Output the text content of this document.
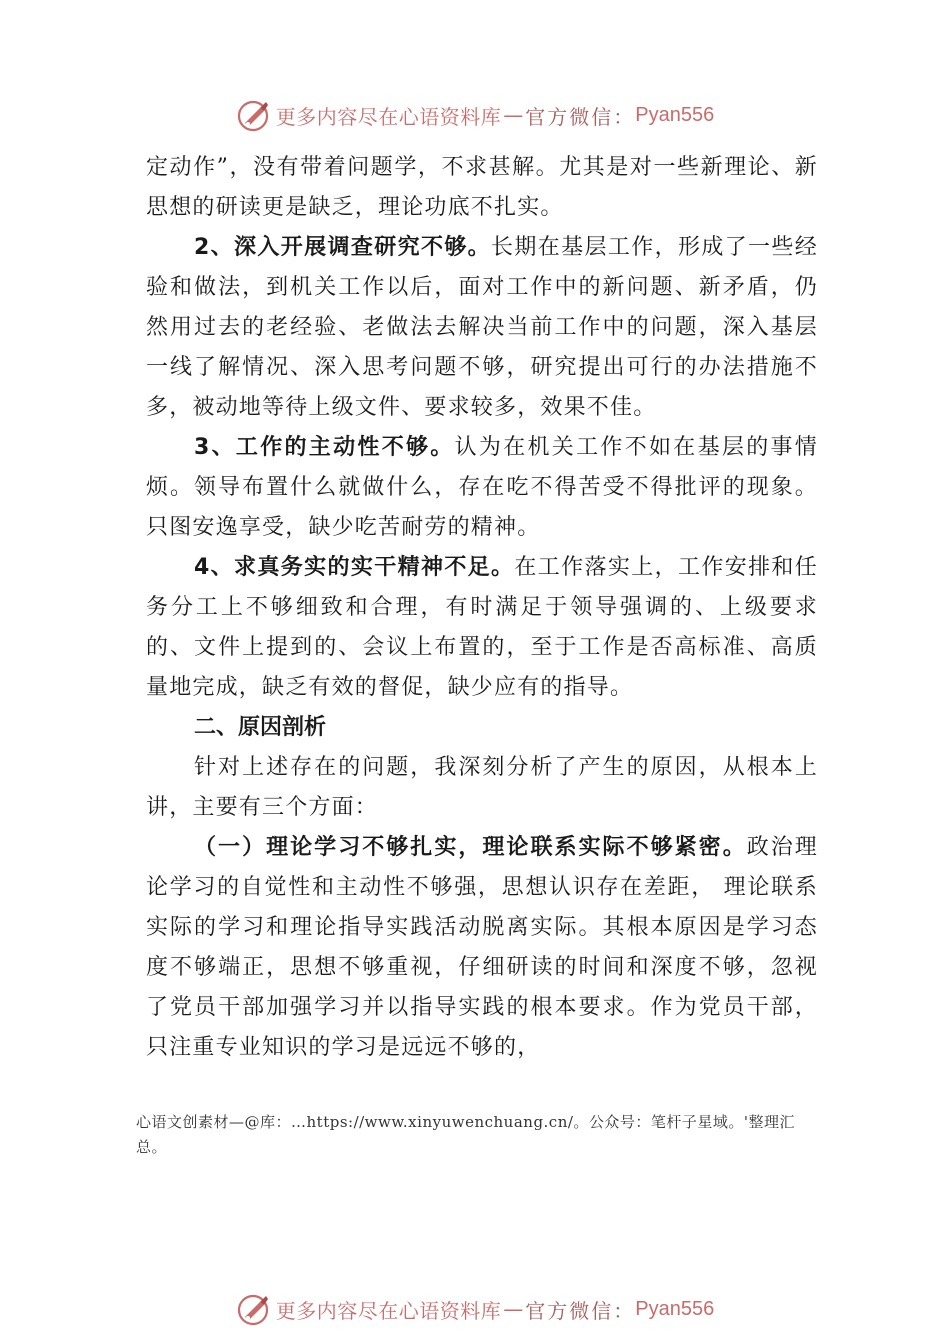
更多内容尽在心语资料库 — 官方微信： Pyan556

定动作”，没有带着问题学，不求甚解。尤其是对一些新理论、新思想的研读更是缺乏，理论功底不扎实。

2、深入开展调查研究不够。长期在基层工作，形成了一些经验和做法，到机关工作以后，面对工作中的新问题、新矛盾，仍然用过去的老经验、老做法去解决当前工作中的问题，深入基层一线了解情况、深入思考问题不够，研究提出可行的办法措施不多，被动地等待上级文件、要求较多，效果不佳。

3、工作的主动性不够。认为在机关工作不如在基层的事情烦。领导布置什么就做什么，存在吃不得苦受不得批评的现象。只图安逸享受，缺少吃苦耐劳的精神。

4、求真务实的实干精神不足。在工作落实上，工作安排和任务分工上不够细致和合理，有时满足于领导强调的、上级要求的、文件上提到的、会议上布置的，至于工作是否高标准、高质量地完成，缺乏有效的督促，缺少应有的指导。

二、原因剖析

针对上述存在的问题，我深刻分析了产生的原因，从根本上讲，主要有三个方面：

（一）理论学习不够扎实，理论联系实际不够紧密。政治理论学习的自觉性和主动性不够强，思想认识存在差距， 理论联系实际的学习和理论指导实践活动脱离实际。其根本原因是学习态度不够端正，思想不够重视，仔细研读的时间和深度不够，忽视了党员干部加强学习并以指导实践的根本要求。作为党员干部，只注重专业知识的学习是远远不够的，

心语文创素材—@库：…https://www.xinyuwenchuang.cn/。公众号：笔杆子星域。'整理汇总。
更多内容尽在心语资料库 — 官方微信： Pyan556
